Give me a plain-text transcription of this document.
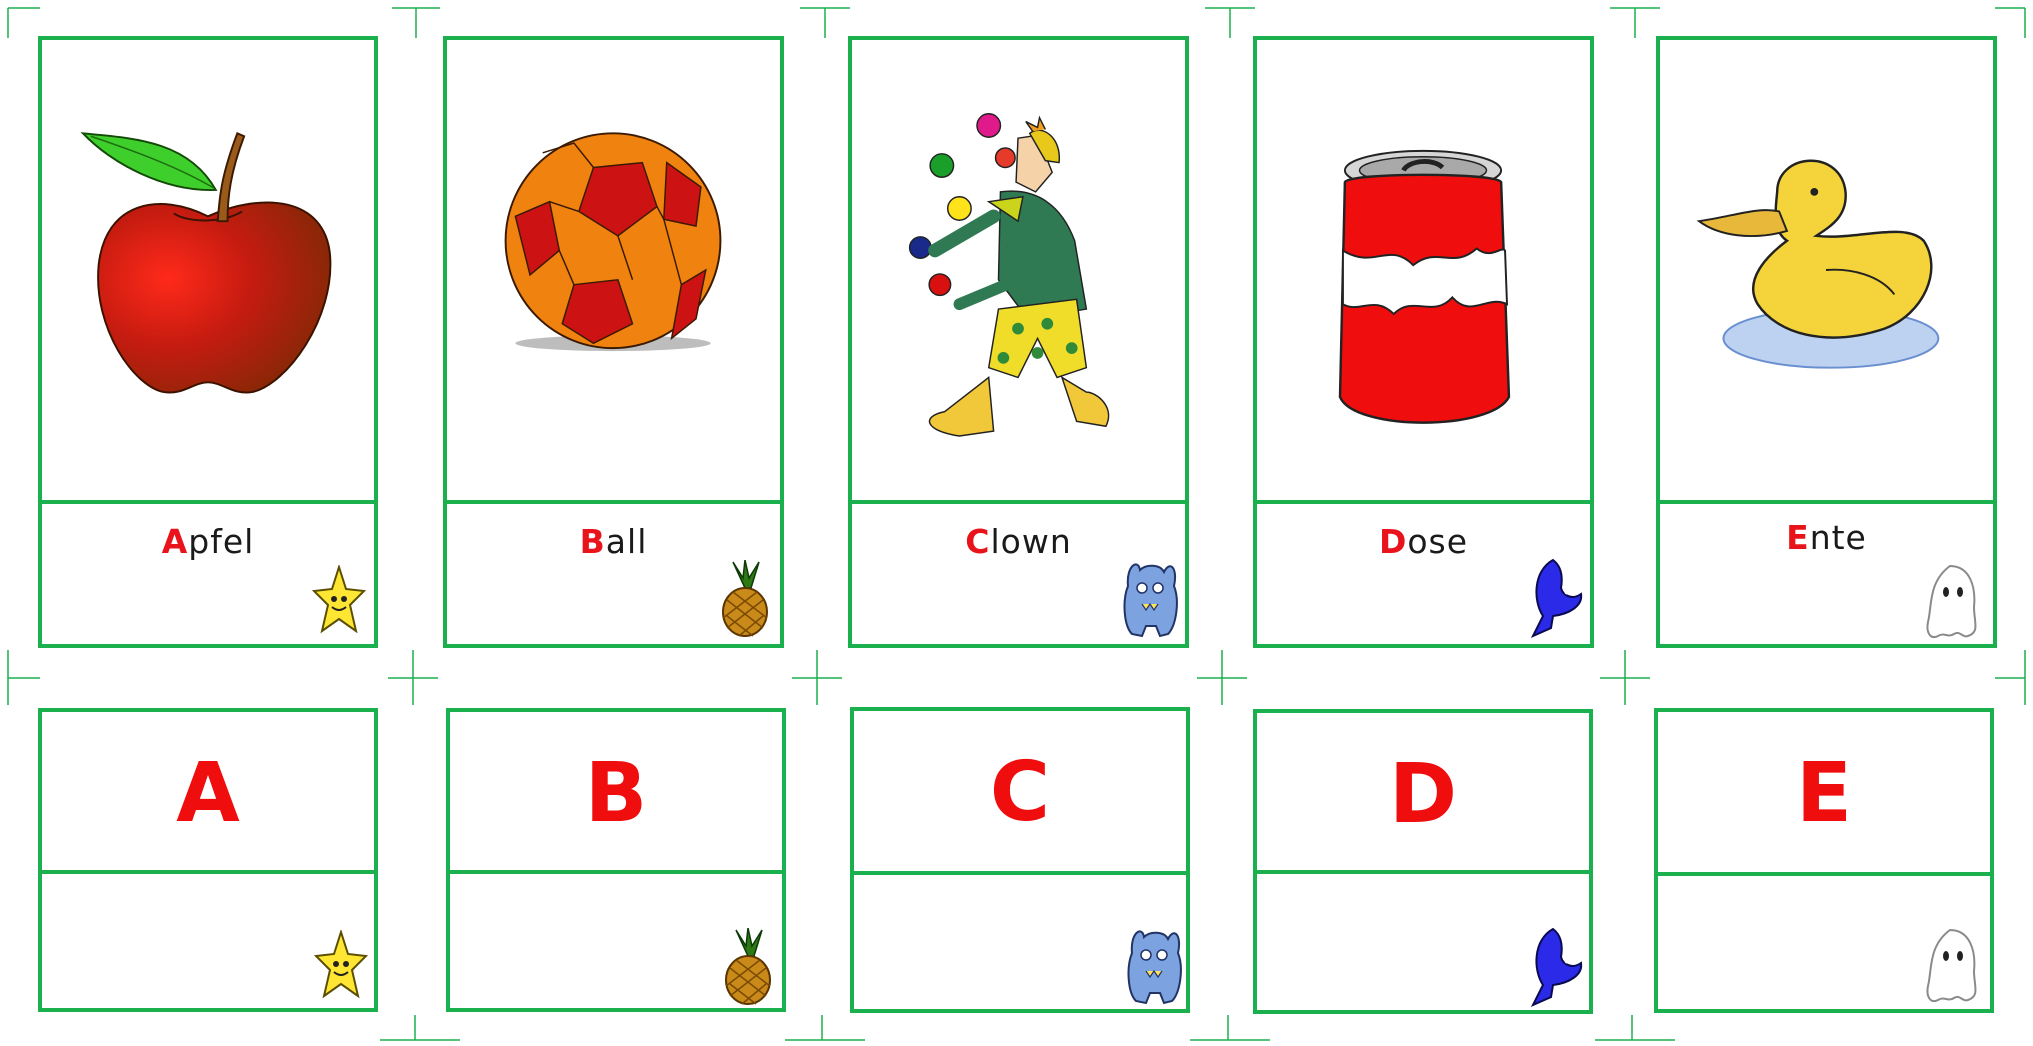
Apfel	Ball	Clown	Dose	Ente
A	B	C	D	E
